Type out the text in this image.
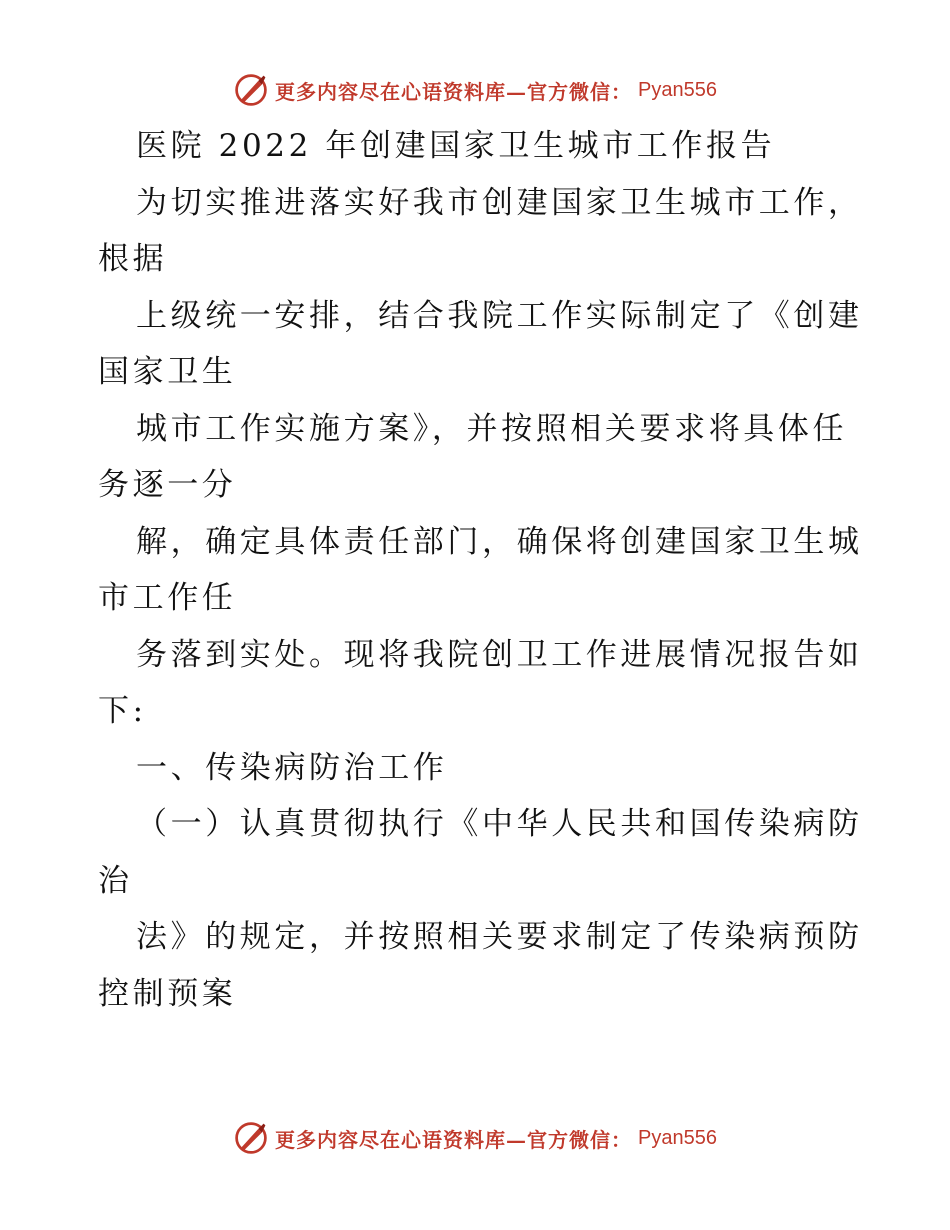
更多内容尽在心语资料库—官方微信： Pyan556
医院 2022 年创建国家卫生城市工作报告
为切实推进落实好我市创建国家卫生城市工作，
根据
上级统一安排，结合我院工作实际制定了《创建
国家卫生
城市工作实施方案》，并按照相关要求将具体任
务逐一分
解，确定具体责任部门，确保将创建国家卫生城
市工作任
务落到实处。现将我院创卫工作进展情况报告如
下:
一、传染病防治工作
（一）认真贯彻执行《中华人民共和国传染病防
治
法》的规定，并按照相关要求制定了传染病预防
控制预案
更多内容尽在心语资料库—官方微信： Pyan556
